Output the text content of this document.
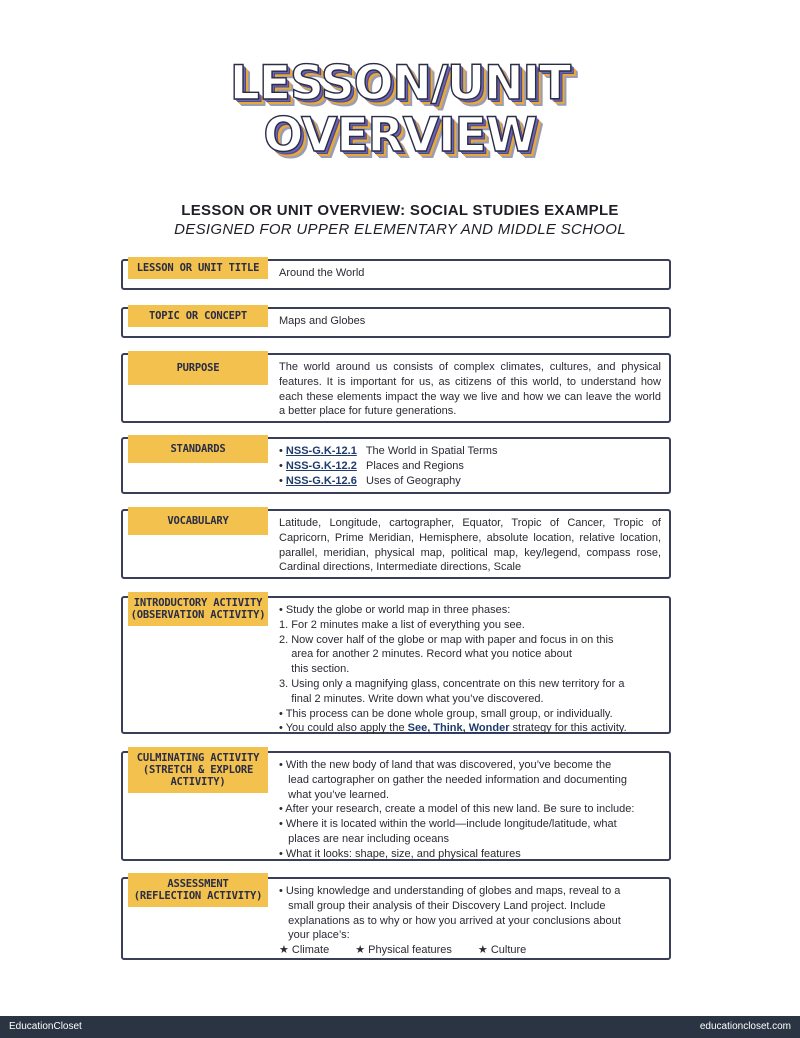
LESSON/UNIT
OVERVIEW
LESSON OR UNIT OVERVIEW: SOCIAL STUDIES EXAMPLE
DESIGNED FOR UPPER ELEMENTARY AND MIDDLE SCHOOL

Around the World

LESSON OR UNIT TITLE

Maps and Globes

TOPIC OR CONCEPT

The world around us consists of complex climates, cultures, and physical features. It is important for us, as citizens of this world, to understand how each these elements impact the way we live and how we can leave the world a better place for future generations.

PURPOSE
• NSS-G.K-12.1 The World in Spatial Terms
• NSS-G.K-12.2 Places and Regions
• NSS-G.K-12.6 Uses of Geography
STANDARDS

Latitude, Longitude, cartographer, Equator, Tropic of Cancer, Tropic of Capricorn, Prime Meridian, Hemisphere, absolute location, relative location, parallel, meridian, physical map, political map, key/legend, compass rose, Cardinal directions, Intermediate directions, Scale

VOCABULARY

• Study the globe or world map in three phases:

1. For 2 minutes make a list of everything you see.

2. Now cover half of the globe or map with paper and focus in on this

area for another 2 minutes. Record what you notice about

this section.

3. Using only a magnifying glass, concentrate on this new territory for a

final 2 minutes. Write down what you’ve discovered.

• This process can be done whole group, small group, or individually.

• You could also apply the See, Think, Wonder strategy for this activity.

INTRODUCTORY ACTIVITY
(OBSERVATION ACTIVITY)

• With the new body of land that was discovered, you’ve become the

lead cartographer on gather the needed information and documenting

what you’ve learned.

• After your research, create a model of this new land. Be sure to include:

• Where it is located within the world—include longitude/latitude, what

places are near including oceans

• What it looks: shape, size, and physical features

CULMINATING ACTIVITY
(STRETCH & EXPLORE ACTIVITY)

• Using knowledge and understanding of globes and maps, reveal to a

small group their analysis of their Discovery Land project. Include

explanations as to why or how you arrived at your conclusions about

your place’s:

★ Climate ★ Physical features ★ Culture

ASSESSMENT
(REFLECTION ACTIVITY)
EducationCloset	educationcloset.com
